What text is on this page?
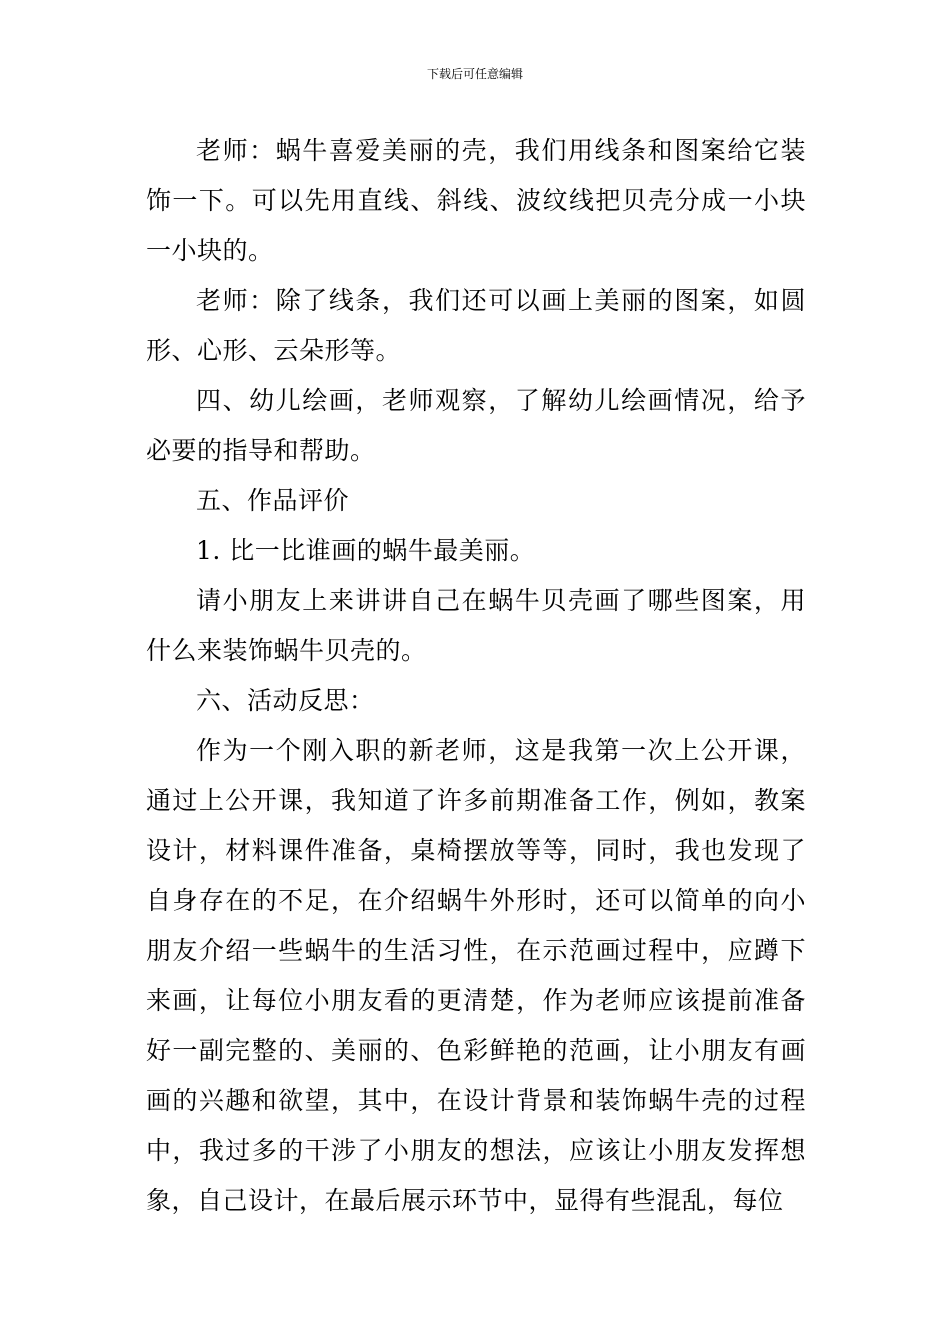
下载后可任意编辑

老师：蜗牛喜爱美丽的壳，我们用线条和图案给它装饰一下。可以先用直线、斜线、波纹线把贝壳分成一小块一小块的。

老师：除了线条，我们还可以画上美丽的图案，如圆形、心形、云朵形等。

四、幼儿绘画，老师观察，了解幼儿绘画情况，给予必要的指导和帮助。

五、作品评价

1. 比一比谁画的蜗牛最美丽。

请小朋友上来讲讲自己在蜗牛贝壳画了哪些图案，用什么来装饰蜗牛贝壳的。

六、活动反思：

作为一个刚入职的新老师，这是我第一次上公开课，通过上公开课，我知道了许多前期准备工作，例如，教案设计，材料课件准备，桌椅摆放等等，同时，我也发现了自身存在的不足，在介绍蜗牛外形时，还可以简单的向小朋友介绍一些蜗牛的生活习性，在示范画过程中，应蹲下来画，让每位小朋友看的更清楚，作为老师应该提前准备好一副完整的、美丽的、色彩鲜艳的范画，让小朋友有画画的兴趣和欲望，其中，在设计背景和装饰蜗牛壳的过程中，我过多的干涉了小朋友的想法，应该让小朋友发挥想象，自己设计，在最后展示环节中，显得有些混乱，每位
